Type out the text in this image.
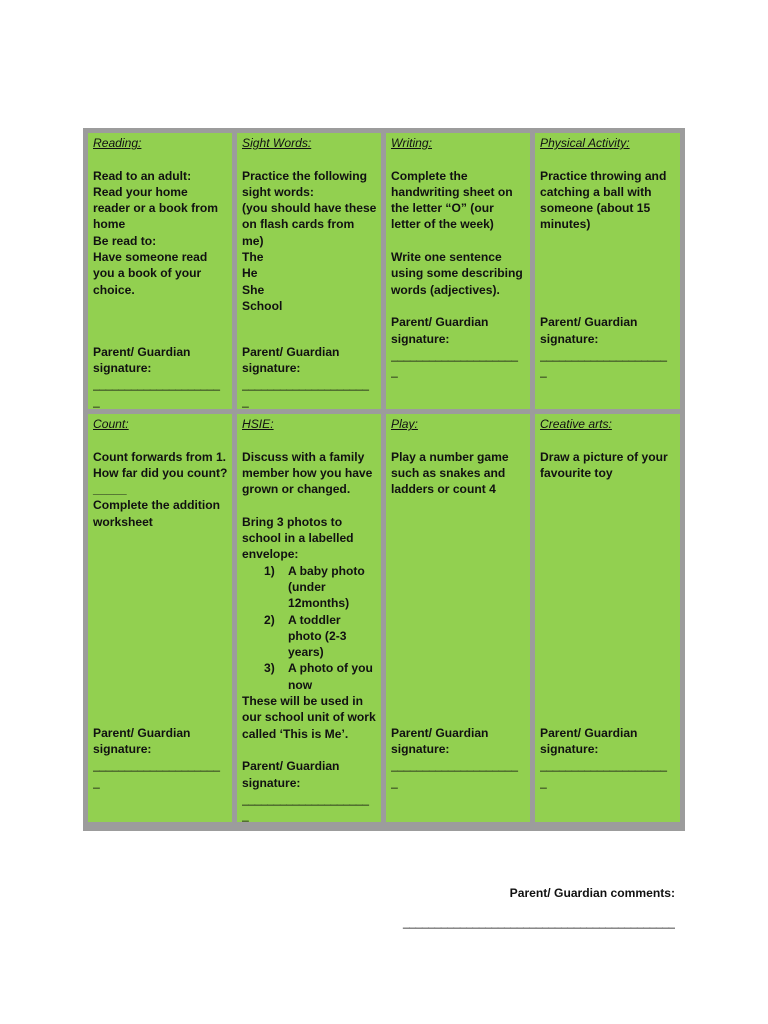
Reading:
Read to an adult:
Read your home
reader or a book from
home
Be read to:
Have someone read
you a book of your
choice.
Parent/ Guardian
signature:
____________________
_
Sight Words:
Practice the following
sight words:
(you should have these
on flash cards from
me)
The
He
She
School
Parent/ Guardian
signature:
____________________
_
Writing:
Complete the
handwriting sheet on
the letter “O” (our
letter of the week)
Write one sentence
using some describing
words (adjectives).
Parent/ Guardian
signature:
____________________
_
Physical Activity:
Practice throwing and
catching a ball with
someone (about 15
minutes)
Parent/ Guardian
signature:
____________________
_
Count:
Count forwards from 1.
How far did you count?
_____
Complete the addition
worksheet
Parent/ Guardian
signature:
____________________
_
HSIE:
Discuss with a family
member how you have
grown or changed.
Bring 3 photos to
school in a labelled
envelope:
1)	A baby photo
(under
12months)
2)	A toddler
photo (2-3
years)
3)	A photo of you
now
These will be used in
our school unit of work
called ‘This is Me’.
Parent/ Guardian
signature:
____________________
_
Play:
Play a number game
such as snakes and
ladders or count 4
Parent/ Guardian
signature:
____________________
_
Creative arts:
Draw a picture of your
favourite toy
Parent/ Guardian
signature:
____________________
_
Parent/ Guardian comments:
___________________________________________
